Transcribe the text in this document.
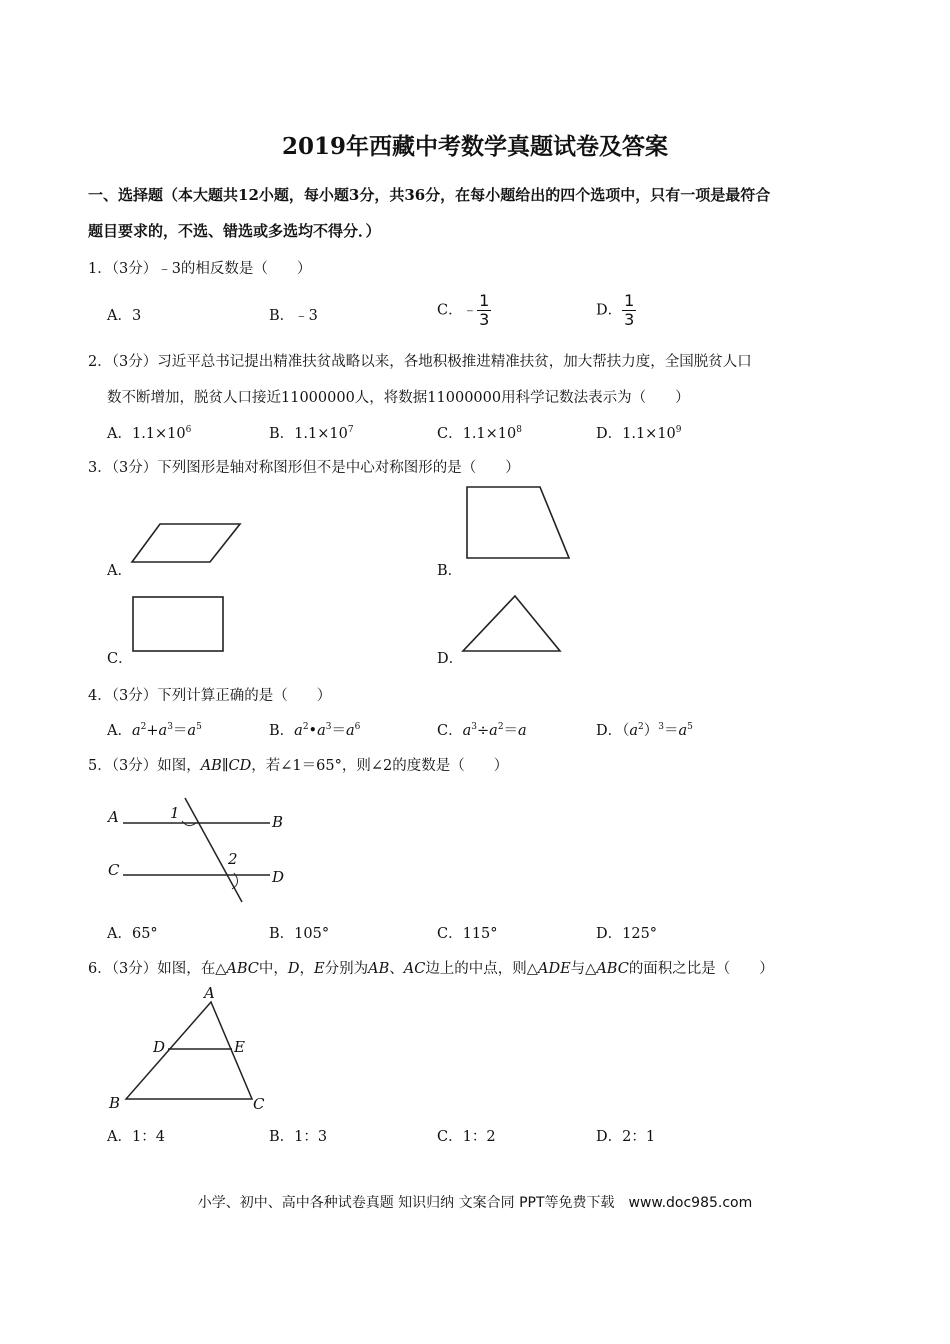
2019年西藏中考数学真题试卷及答案
一、选择题（本大题共12小题，每小题3分，共36分，在每小题给出的四个选项中，只有一项是最符合
题目要求的，不选、错选或多选均不得分．）
1．（3分）﹣3的相反数是（　　）
A．3	B．﹣3	C．﹣ $\frac{1}{3}$	D． $\frac{1}{3}$
2．（3分）习近平总书记提出精准扶贫战略以来，各地积极推进精准扶贫，加大帮扶力度，全国脱贫人口
数不断增加，脱贫人口接近11000000人，将数据11000000用科学记数法表示为（　　）
A．$1.1\times 10^6$	B．$1.1\times 10^7$	C．$1.1\times 10^8$	D．$1.1\times 10^9$
3．（3分）下列图形是轴对称图形但不是中心对称图形的是（　　）
A．	B．
C．	D．
4．（3分）下列计算正确的是（　　）
A．$a^2+a^3=a^5$	B．$a^2•a^3=a^6$	C．$a^3\div a^2=a$	D．$(a^2)^3=a^5$
5．（3分）如图，AB∥CD，若∠1＝65°，则∠2的度数是（　　）
A	B
C	D
1
2
A．65°	B．105°	C．115°	D．125°
6．（3分）如图，在△ABC中，D，E分别为AB、AC边上的中点，则△ADE与△ABC的面积之比是（　　）
A
D	E
B	C
A．1：4	B．1：3	C．1：2	D．2：1
小学、初中、高中各种试卷真题 知识归纳 文案合同 PPT等免费下载　www.doc985.com
